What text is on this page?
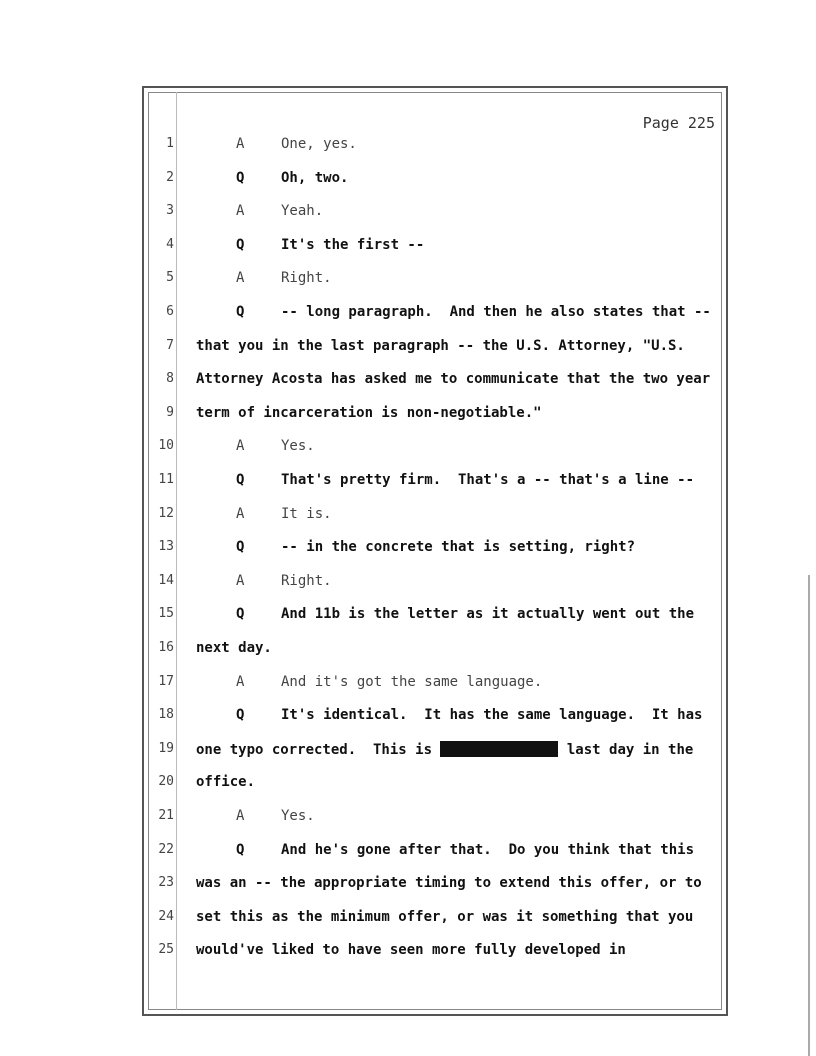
Page 225
1	A	One, yes.
2	Q	Oh, two.
3	A	Yeah.
4	Q	It's the first --
5	A	Right.
6	Q	-- long paragraph.  And then he also states that --
7 that you in the last paragraph -- the U.S. Attorney, "U.S.
8 Attorney Acosta has asked me to communicate that the two year
9 term of incarceration is non-negotiable."
10	A	Yes.
11	Q	That's pretty firm.  That's a -- that's a line --
12	A	It is.
13	Q	-- in the concrete that is setting, right?
14	A	Right.
15	Q	And 11b is the letter as it actually went out the
16 next day.
17	A	And it's got the same language.
18	Q	It's identical.  It has the same language.  It has
19 one typo corrected.  This is	last day in the
20 office.
21	A	Yes.
22	Q	And he's gone after that.  Do you think that this
23 was an -- the appropriate timing to extend this offer, or to
24 set this as the minimum offer, or was it something that you
25 would've liked to have seen more fully developed in
